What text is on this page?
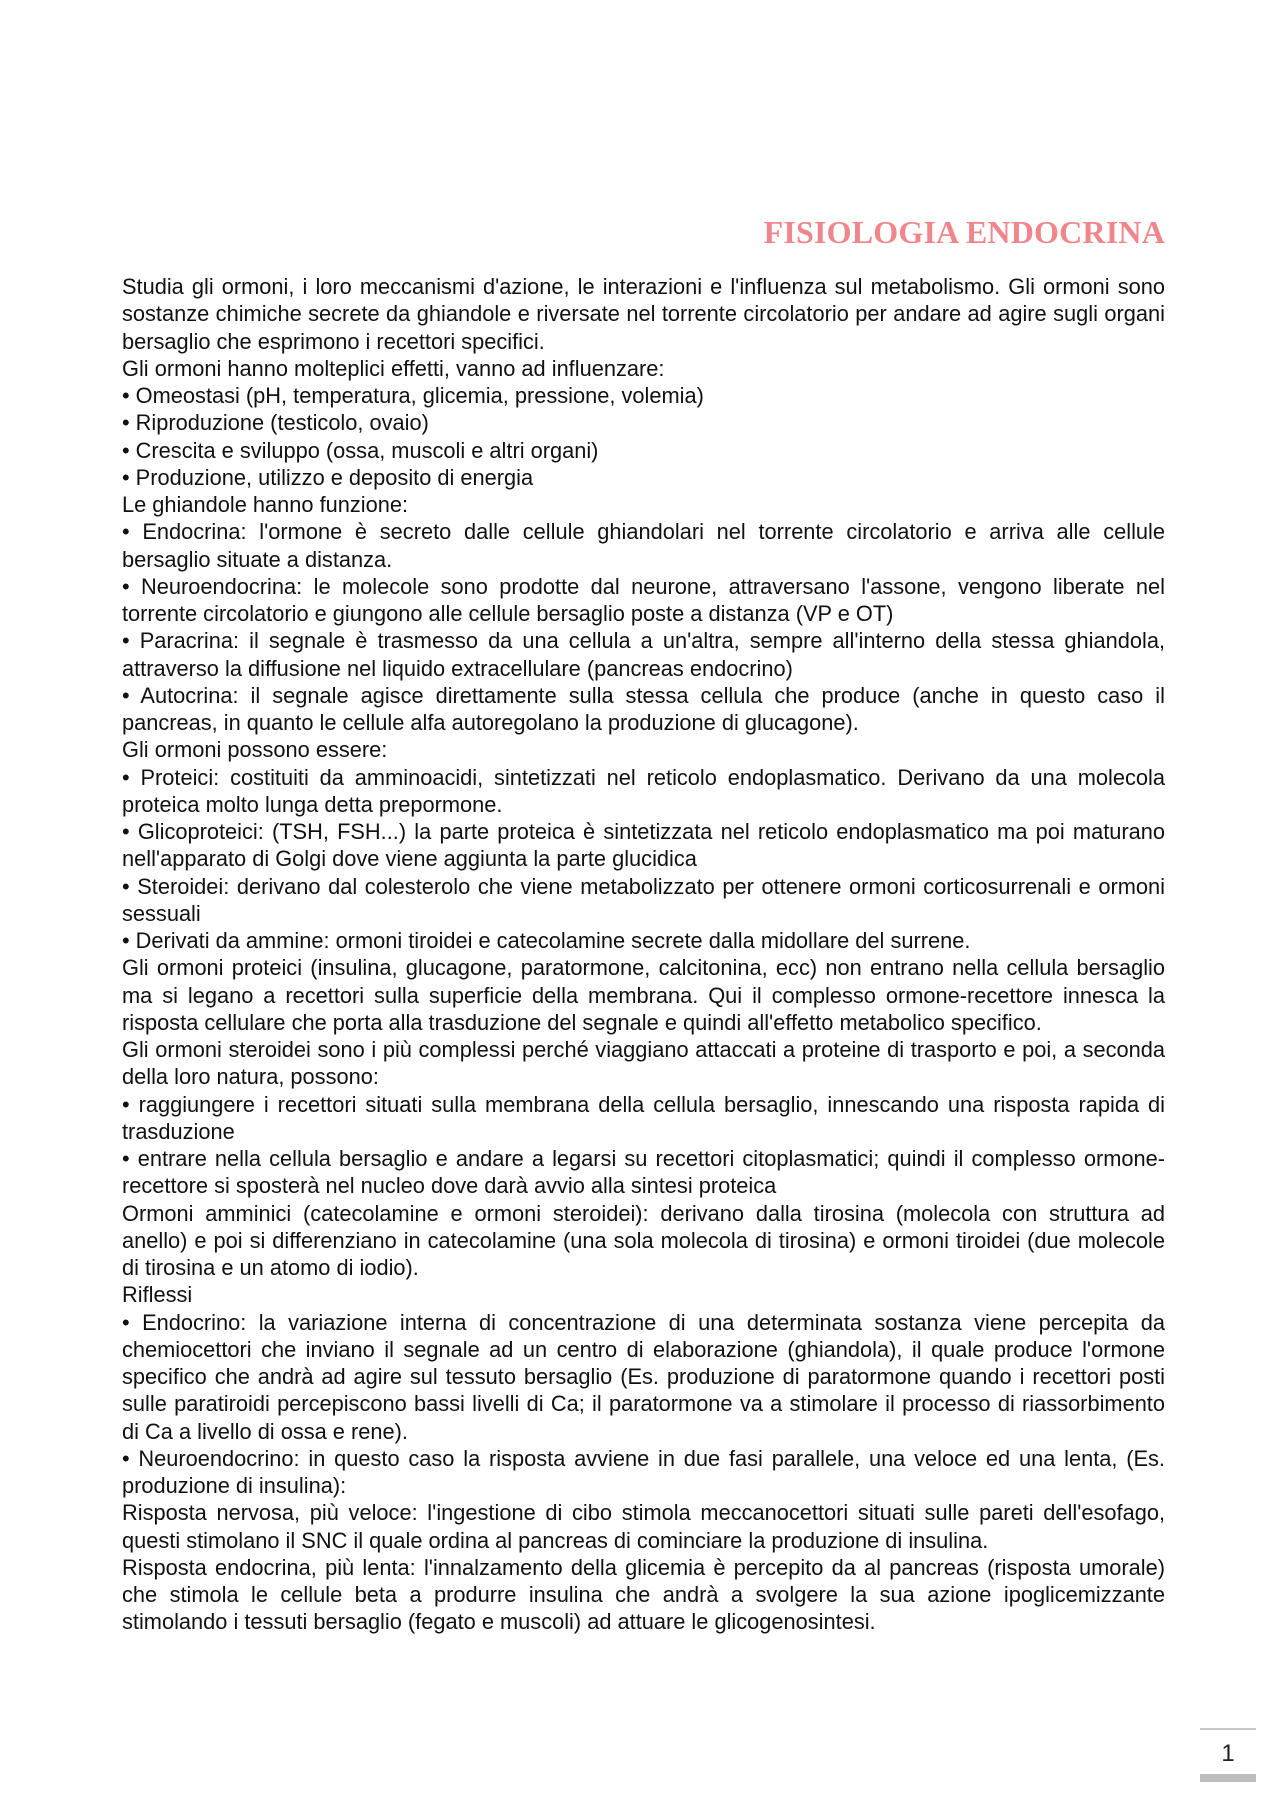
FISIOLOGIA ENDOCRINA

Studia gli ormoni, i loro meccanismi d'azione, le interazioni e l'influenza sul metabolismo. Gli ormoni sono sostanze chimiche secrete da ghiandole e riversate nel torrente circolatorio per andare ad agire sugli organi bersaglio che esprimono i recettori specifici.

Gli ormoni hanno molteplici effetti, vanno ad influenzare:

• Omeostasi (pH, temperatura, glicemia, pressione, volemia)

• Riproduzione (testicolo, ovaio)

• Crescita e sviluppo (ossa, muscoli e altri organi)

• Produzione, utilizzo e deposito di energia

Le ghiandole hanno funzione:

• Endocrina: l'ormone è secreto dalle cellule ghiandolari nel torrente circolatorio e arriva alle cellule bersaglio situate a distanza.

• Neuroendocrina: le molecole sono prodotte dal neurone, attraversano l'assone, vengono liberate nel torrente circolatorio e giungono alle cellule bersaglio poste a distanza (VP e OT)

• Paracrina: il segnale è trasmesso da una cellula a un'altra, sempre all'interno della stessa ghiandola, attraverso la diffusione nel liquido extracellulare (pancreas endocrino)

• Autocrina: il segnale agisce direttamente sulla stessa cellula che produce (anche in questo caso il pancreas, in quanto le cellule alfa autoregolano la produzione di glucagone).

Gli ormoni possono essere:

• Proteici: costituiti da amminoacidi, sintetizzati nel reticolo endoplasmatico. Derivano da una molecola proteica molto lunga detta prepormone.

• Glicoproteici: (TSH, FSH...) la parte proteica è sintetizzata nel reticolo endoplasmatico ma poi maturano nell'apparato di Golgi dove viene aggiunta la parte glucidica

• Steroidei: derivano dal colesterolo che viene metabolizzato per ottenere ormoni corticosurrenali e ormoni sessuali

• Derivati da ammine: ormoni tiroidei e catecolamine secrete dalla midollare del surrene.

Gli ormoni proteici (insulina, glucagone, paratormone, calcitonina, ecc) non entrano nella cellula bersaglio ma si legano a recettori sulla superficie della membrana. Qui il complesso ormone-recettore innesca la risposta cellulare che porta alla trasduzione del segnale e quindi all'effetto metabolico specifico.

Gli ormoni steroidei sono i più complessi perché viaggiano attaccati a proteine di trasporto e poi, a seconda della loro natura, possono:

• raggiungere i recettori situati sulla membrana della cellula bersaglio, innescando una risposta rapida di trasduzione

• entrare nella cellula bersaglio e andare a legarsi su recettori citoplasmatici; quindi il complesso ormone-recettore si sposterà nel nucleo dove darà avvio alla sintesi proteica

Ormoni amminici (catecolamine e ormoni steroidei): derivano dalla tirosina (molecola con struttura ad anello) e poi si differenziano in catecolamine (una sola molecola di tirosina) e ormoni tiroidei (due molecole di tirosina e un atomo di iodio).

Riflessi

• Endocrino: la variazione interna di concentrazione di una determinata sostanza viene percepita da chemiocettori che inviano il segnale ad un centro di elaborazione (ghiandola), il quale produce l'ormone specifico che andrà ad agire sul tessuto bersaglio (Es. produzione di paratormone quando i recettori posti sulle paratiroidi percepiscono bassi livelli di Ca; il paratormone va a stimolare il processo di riassorbimento di Ca a livello di ossa e rene).

• Neuroendocrino: in questo caso la risposta avviene in due fasi parallele, una veloce ed una lenta, (Es. produzione di insulina):

Risposta nervosa, più veloce: l'ingestione di cibo stimola meccanocettori situati sulle pareti dell'esofago, questi stimolano il SNC il quale ordina al pancreas di cominciare la produzione di insulina.

Risposta endocrina, più lenta: l'innalzamento della glicemia è percepito da al pancreas (risposta umorale) che stimola le cellule beta a produrre insulina che andrà a svolgere la sua azione ipoglicemizzante stimolando i tessuti bersaglio (fegato e muscoli) ad attuare le glicogenosintesi.

1
